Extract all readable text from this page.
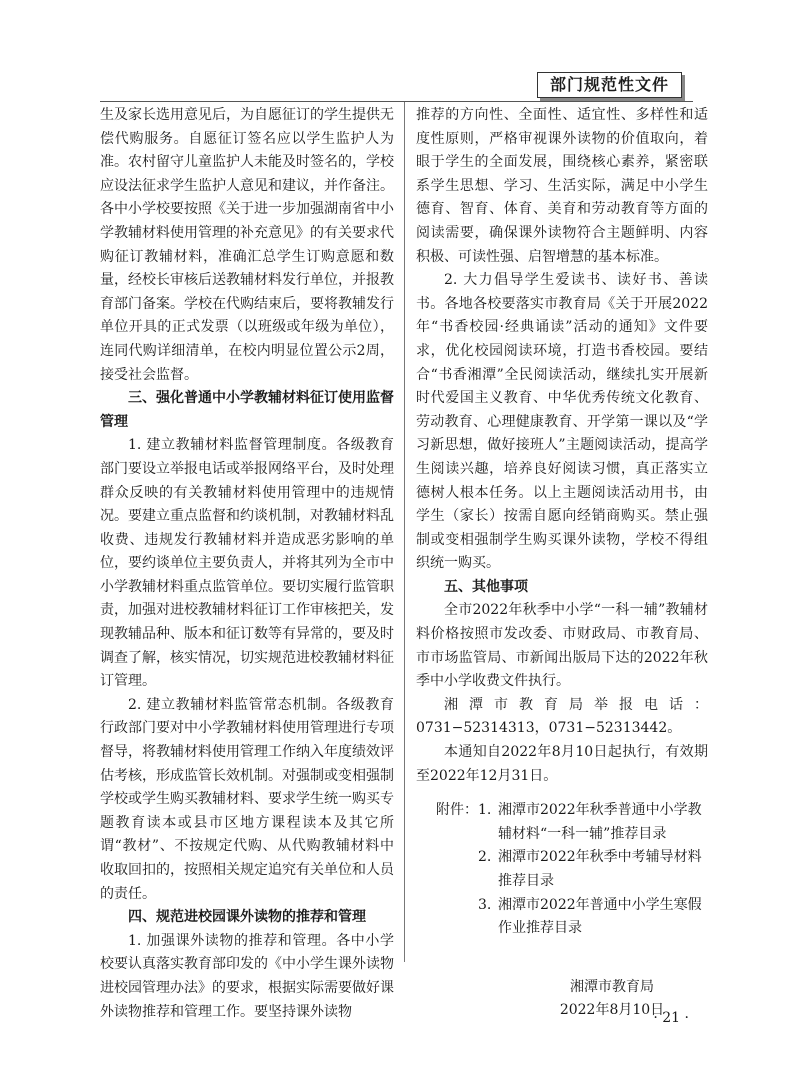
部门规范性文件

生及家长选用意见后，为自愿征订的学生提供无偿代购服务。自愿征订签名应以学生监护人为准。农村留守儿童监护人未能及时签名的，学校应设法征求学生监护人意见和建议，并作备注。各中小学校要按照《关于进一步加强湖南省中小学教辅材料使用管理的补充意见》的有关要求代购征订教辅材料，准确汇总学生订购意愿和数量，经校长审核后送教辅材料发行单位，并报教育部门备案。学校在代购结束后，要将教辅发行单位开具的正式发票（以班级或年级为单位），连同代购详细清单，在校内明显位置公示2周，接受社会监督。

三、强化普通中小学教辅材料征订使用监督管理

1. 建立教辅材料监督管理制度。各级教育部门要设立举报电话或举报网络平台，及时处理群众反映的有关教辅材料使用管理中的违规情况。要建立重点监督和约谈机制，对教辅材料乱收费、违规发行教辅材料并造成恶劣影响的单位，要约谈单位主要负责人，并将其列为全市中小学教辅材料重点监管单位。要切实履行监管职责，加强对进校教辅材料征订工作审核把关，发现教辅品种、版本和征订数等有异常的，要及时调查了解，核实情况，切实规范进校教辅材料征订管理。

2. 建立教辅材料监管常态机制。各级教育行政部门要对中小学教辅材料使用管理进行专项督导，将教辅材料使用管理工作纳入年度绩效评估考核，形成监管长效机制。对强制或变相强制学校或学生购买教辅材料、要求学生统一购买专题教育读本或县市区地方课程读本及其它所谓“教材”、不按规定代购、从代购教辅材料中收取回扣的，按照相关规定追究有关单位和人员的责任。

四、规范进校园课外读物的推荐和管理

1. 加强课外读物的推荐和管理。各中小学校要认真落实教育部印发的《中小学生课外读物进校园管理办法》的要求，根据实际需要做好课外读物推荐和管理工作。要坚持课外读物

推荐的方向性、全面性、适宜性、多样性和适度性原则，严格审视课外读物的价值取向，着眼于学生的全面发展，围绕核心素养，紧密联系学生思想、学习、生活实际，满足中小学生德育、智育、体育、美育和劳动教育等方面的阅读需要，确保课外读物符合主题鲜明、内容积极、可读性强、启智增慧的基本标准。

2. 大力倡导学生爱读书、读好书、善读书。各地各校要落实市教育局《关于开展2022年“书香校园·经典诵读”活动的通知》文件要求，优化校园阅读环境，打造书香校园。要结合“书香湘潭”全民阅读活动，继续扎实开展新时代爱国主义教育、中华优秀传统文化教育、劳动教育、心理健康教育、开学第一课以及“学习新思想，做好接班人”主题阅读活动，提高学生阅读兴趣，培养良好阅读习惯，真正落实立德树人根本任务。以上主题阅读活动用书，由学生（家长）按需自愿向经销商购买。禁止强制或变相强制学生购买课外读物，学校不得组织统一购买。

五、其他事项

全市2022年秋季中小学“一科一辅”教辅材料价格按照市发改委、市财政局、市教育局、市市场监管局、市新闻出版局下达的2022年秋季中小学收费文件执行。

湘潭市教育局举报电话：0731−52314313，0731−52313442。

本通知自2022年8月10日起执行，有效期至2022年12月31日。

附件： 1. 湘潭市2022年秋季普通中小学教
辅材料“一科一辅”推荐目录
2. 湘潭市2022年秋季中考辅导材料
推荐目录
3. 湘潭市2022年普通中小学生寒假
作业推荐目录
湘潭市教育局
2022年8月10日
· 21 ·
